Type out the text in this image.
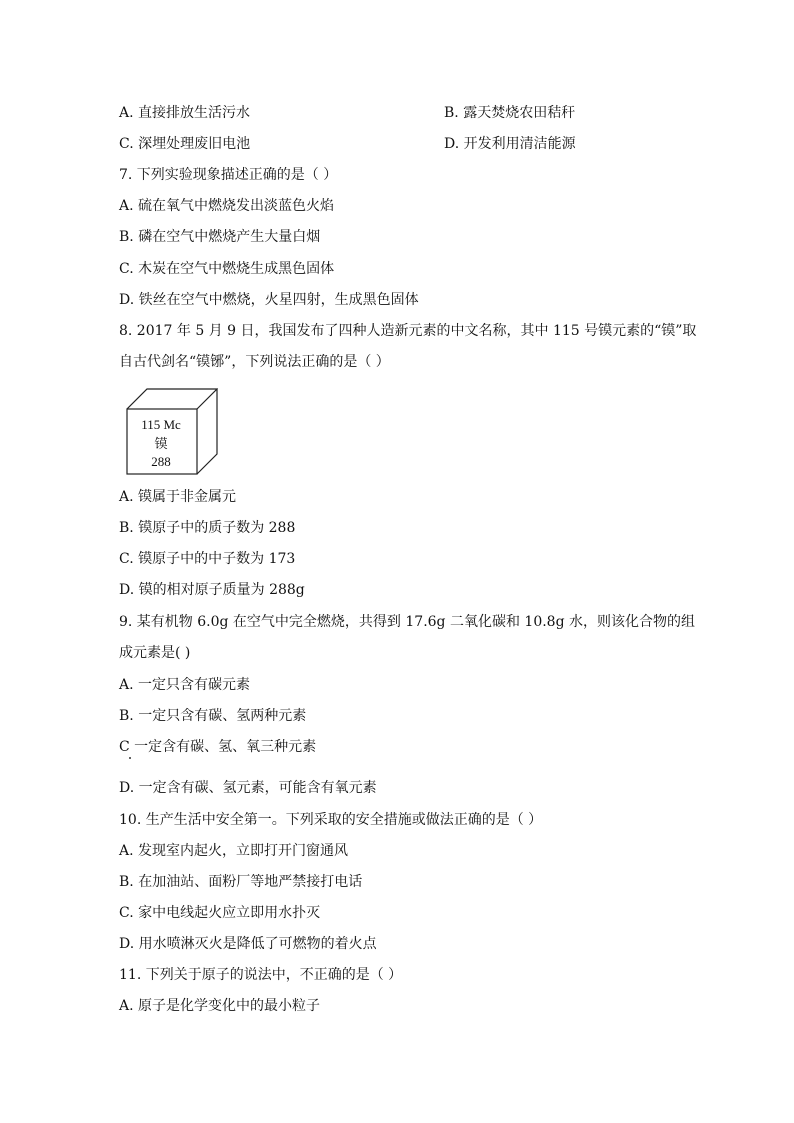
A. 直接排放生活污水	B. 露天焚烧农田秸秆
C. 深埋处理废旧电池	D. 开发利用清洁能源
7. 下列实验现象描述正确的是（ ）
A. 硫在氧气中燃烧发出淡蓝色火焰
B. 磷在空气中燃烧产生大量白烟
C. 木炭在空气中燃烧生成黑色固体
D. 铁丝在空气中燃烧，火星四射，生成黑色固体
8. 2017 年 5 月 9 日，我国发布了四种人造新元素的中文名称，其中 115 号镆元素的“镆”取
自古代剑名“镆铘”，下列说法正确的是（ ）
115 Mc
镆
288
A. 镆属于非金属元
B. 镆原子中的质子数为 288
C. 镆原子中的中子数为 173
D. 镆的相对原子质量为 288g
9. 某有机物 6.0g 在空气中完全燃烧，共得到 17.6g 二氧化碳和 10.8g 水，则该化合物的组
成元素是( )
A. 一定只含有碳元素
B. 一定只含有碳、氢两种元素
C 一定含有碳、氢、氧三种元素
D. 一定含有碳、氢元素，可能含有氧元素
10. 生产生活中安全第一。下列采取的安全措施或做法正确的是（ ）
A. 发现室内起火，立即打开门窗通风
B. 在加油站、面粉厂等地严禁接打电话
C. 家中电线起火应立即用水扑灭
D. 用水喷淋灭火是降低了可燃物的着火点
11. 下列关于原子的说法中，不正确的是（ ）
A. 原子是化学变化中的最小粒子
